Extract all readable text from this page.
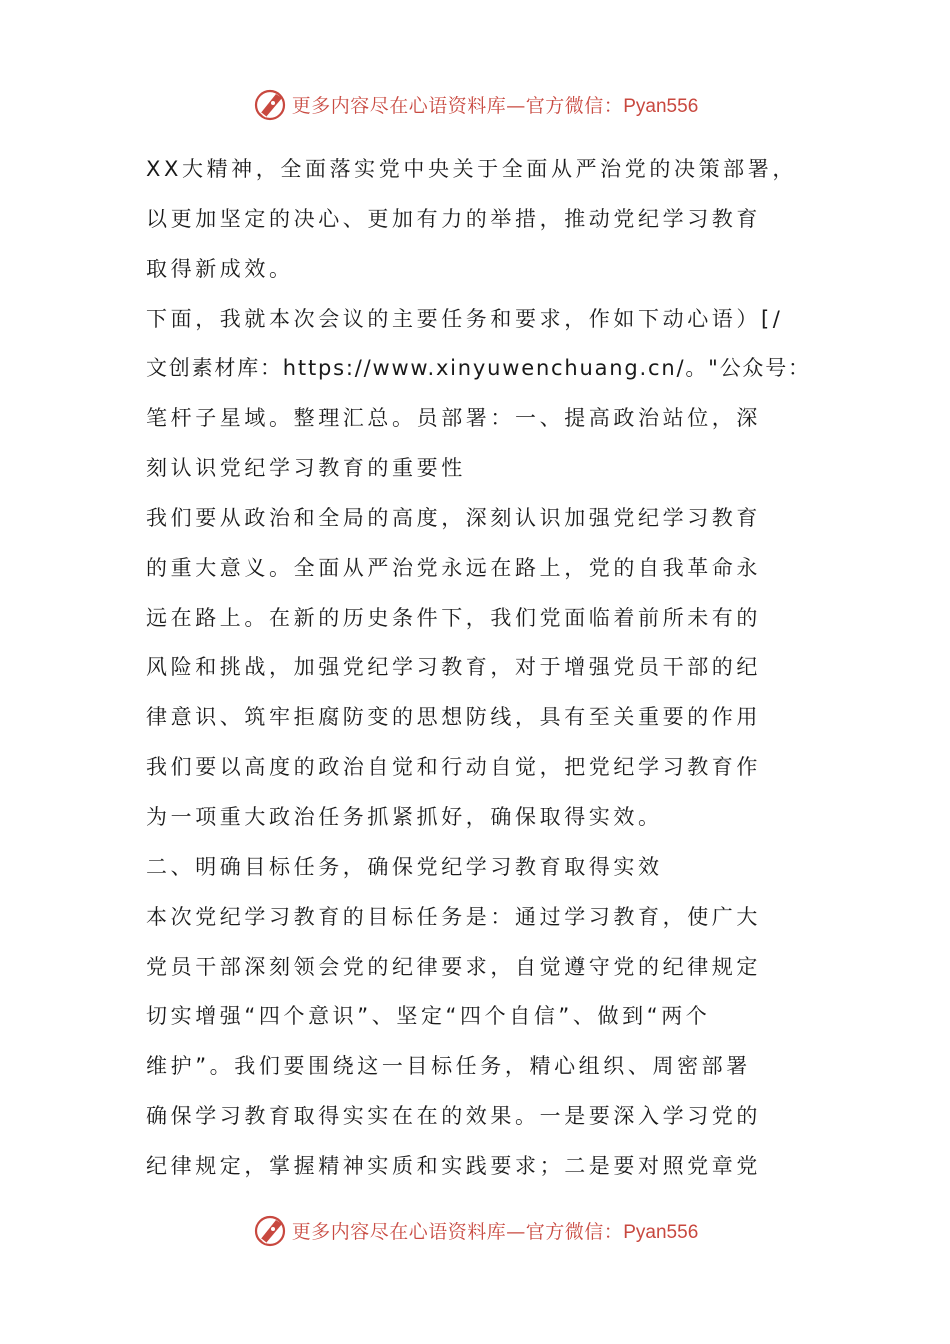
更多内容尽在心语资料库—官方微信：Pyan556
XX大精神，全面落实党中央关于全面从严治党的决策部署，
以更加坚定的决心、更加有力的举措，推动党纪学习教育
取得新成效。
下面，我就本次会议的主要任务和要求，作如下动心语）[/
文创素材库：https://www.xinyuwenchuang.cn/。"公众号：
笔杆子星域。整理汇总。员部署：一、提高政治站位，深
刻认识党纪学习教育的重要性
我们要从政治和全局的高度，深刻认识加强党纪学习教育
的重大意义。全面从严治党永远在路上，党的自我革命永
远在路上。在新的历史条件下，我们党面临着前所未有的
风险和挑战，加强党纪学习教育，对于增强党员干部的纪
律意识、筑牢拒腐防变的思想防线，具有至关重要的作用
我们要以高度的政治自觉和行动自觉，把党纪学习教育作
为一项重大政治任务抓紧抓好，确保取得实效。
二、明确目标任务，确保党纪学习教育取得实效
本次党纪学习教育的目标任务是：通过学习教育，使广大
党员干部深刻领会党的纪律要求，自觉遵守党的纪律规定
切实增强“四个意识”、坚定“四个自信”、做到“两个
维护”。我们要围绕这一目标任务，精心组织、周密部署
确保学习教育取得实实在在的效果。一是要深入学习党的
纪律规定，掌握精神实质和实践要求；二是要对照党章党
更多内容尽在心语资料库—官方微信：Pyan556
